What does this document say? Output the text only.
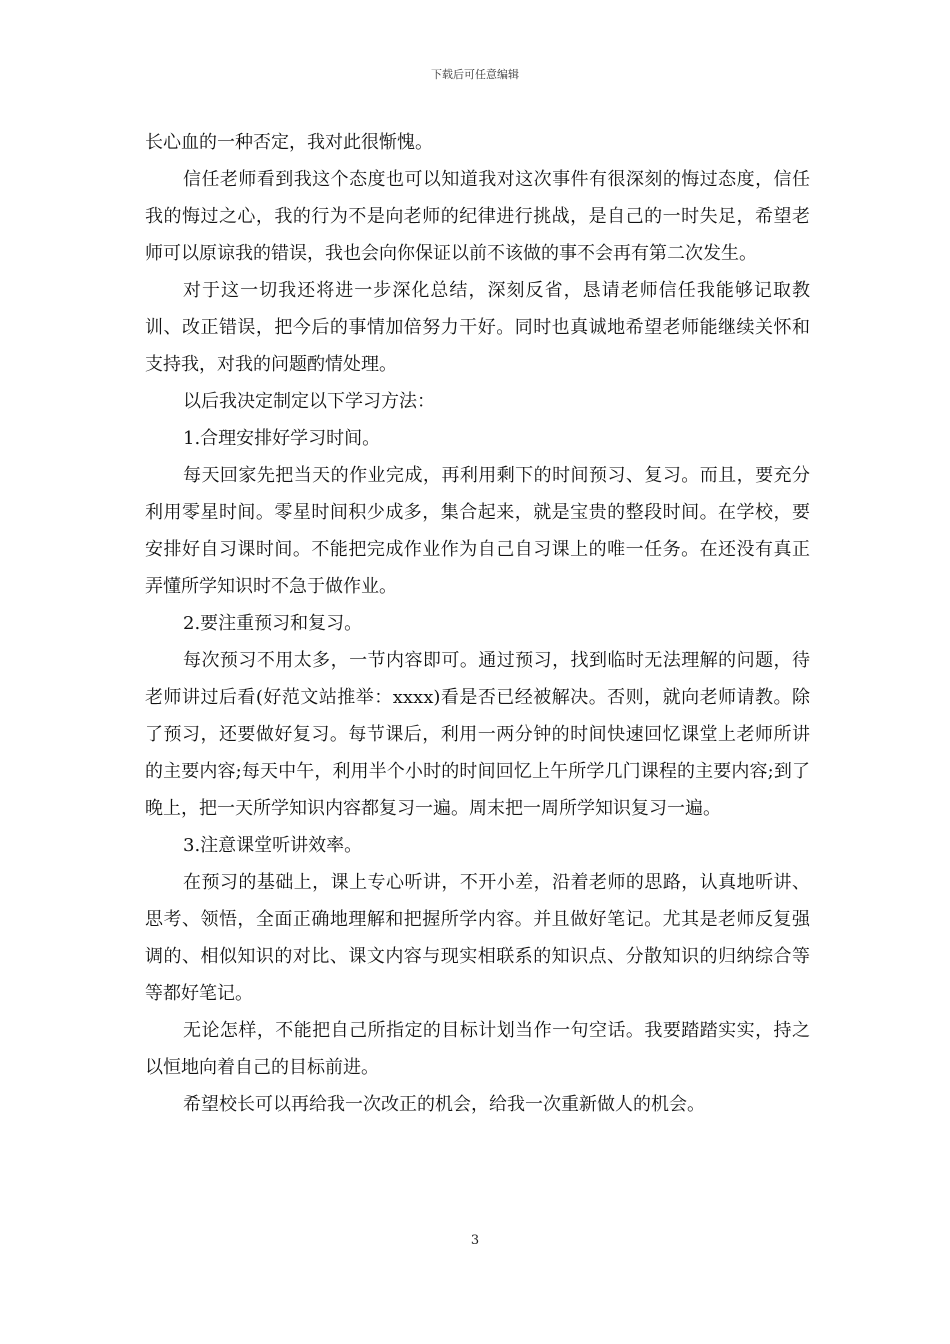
下载后可任意编辑

长心血的一种否定，我对此很惭愧。

信任老师看到我这个态度也可以知道我对这次事件有很深刻的悔过态度，信任我的悔过之心，我的行为不是向老师的纪律进行挑战，是自己的一时失足，希望老师可以原谅我的错误，我也会向你保证以前不该做的事不会再有第二次发生。

对于这一切我还将进一步深化总结，深刻反省，恳请老师信任我能够记取教训、改正错误，把今后的事情加倍努力干好。同时也真诚地希望老师能继续关怀和支持我，对我的问题酌情处理。

以后我决定制定以下学习方法：

1.合理安排好学习时间。

每天回家先把当天的作业完成，再利用剩下的时间预习、复习。而且，要充分利用零星时间。零星时间积少成多，集合起来，就是宝贵的整段时间。在学校，要安排好自习课时间。不能把完成作业作为自己自习课上的唯一任务。在还没有真正弄懂所学知识时不急于做作业。

2.要注重预习和复习。

每次预习不用太多，一节内容即可。通过预习，找到临时无法理解的问题，待老师讲过后看(好范文站推举：xxxx)看是否已经被解决。否则，就向老师请教。除了预习，还要做好复习。每节课后，利用一两分钟的时间快速回忆课堂上老师所讲的主要内容;每天中午，利用半个小时的时间回忆上午所学几门课程的主要内容;到了晚上，把一天所学知识内容都复习一遍。周末把一周所学知识复习一遍。

3.注意课堂听讲效率。

在预习的基础上，课上专心听讲，不开小差，沿着老师的思路，认真地听讲、思考、领悟，全面正确地理解和把握所学内容。并且做好笔记。尤其是老师反复强调的、相似知识的对比、课文内容与现实相联系的知识点、分散知识的归纳综合等等都好笔记。

无论怎样，不能把自己所指定的目标计划当作一句空话。我要踏踏实实，持之以恒地向着自己的目标前进。

希望校长可以再给我一次改正的机会，给我一次重新做人的机会。

3
